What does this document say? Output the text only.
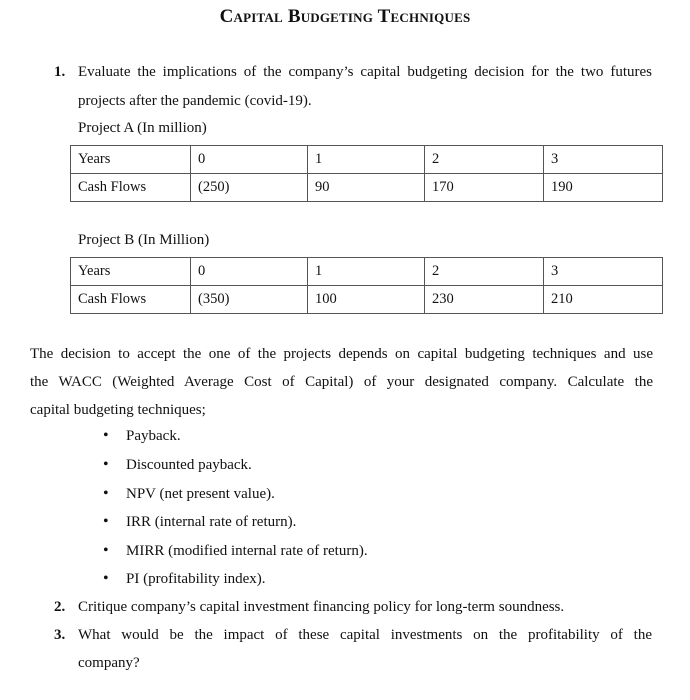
Capital Budgeting Techniques
1. Evaluate the implications of the company’s capital budgeting decision for the two futures
projects after the pandemic (covid-19).
Project A (In million)
Years	0	1	2	3
Cash Flows	(250)	90	170	190
Project B (In Million)
Years	0	1	2	3
Cash Flows	(350)	100	230	210
The decision to accept the one of the projects depends on capital budgeting techniques and use
the WACC (Weighted Average Cost of Capital) of your designated company. Calculate the
capital budgeting techniques;
• Payback.
• Discounted payback.
• NPV (net present value).
• IRR (internal rate of return).
• MIRR (modified internal rate of return).
• PI (profitability index).
2. Critique company’s capital investment financing policy for long-term soundness.
3. What would be the impact of these capital investments on the profitability of the
company?
